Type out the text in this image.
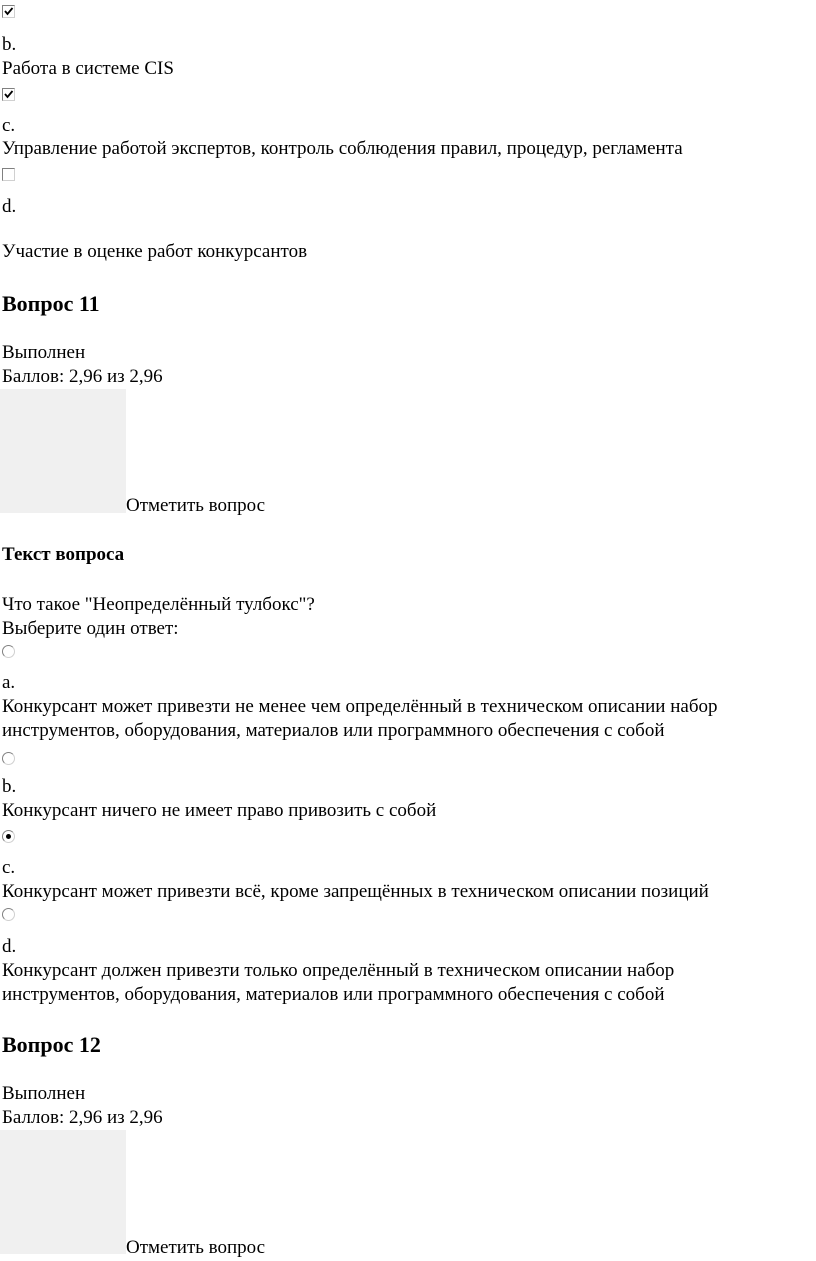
b.
Работа в системе CIS
c.
Управление работой экспертов, контроль соблюдения правил, процедур, регламента
d.
Участие в оценке работ конкурсантов
Вопрос 11
Выполнен
Баллов: 2,96 из 2,96
Отметить вопрос
Текст вопроса
Что такое "Неопределённый тулбокс"?
Выберите один ответ:
a.
Конкурсант может привезти не менее чем определённый в техническом описании набор
инструментов, оборудования, материалов или программного обеспечения с собой
b.
Конкурсант ничего не имеет право привозить с собой
c.
Конкурсант может привезти всё, кроме запрещённых в техническом описании позиций
d.
Конкурсант должен привезти только определённый в техническом описании набор
инструментов, оборудования, материалов или программного обеспечения с собой
Вопрос 12
Выполнен
Баллов: 2,96 из 2,96
Отметить вопрос
